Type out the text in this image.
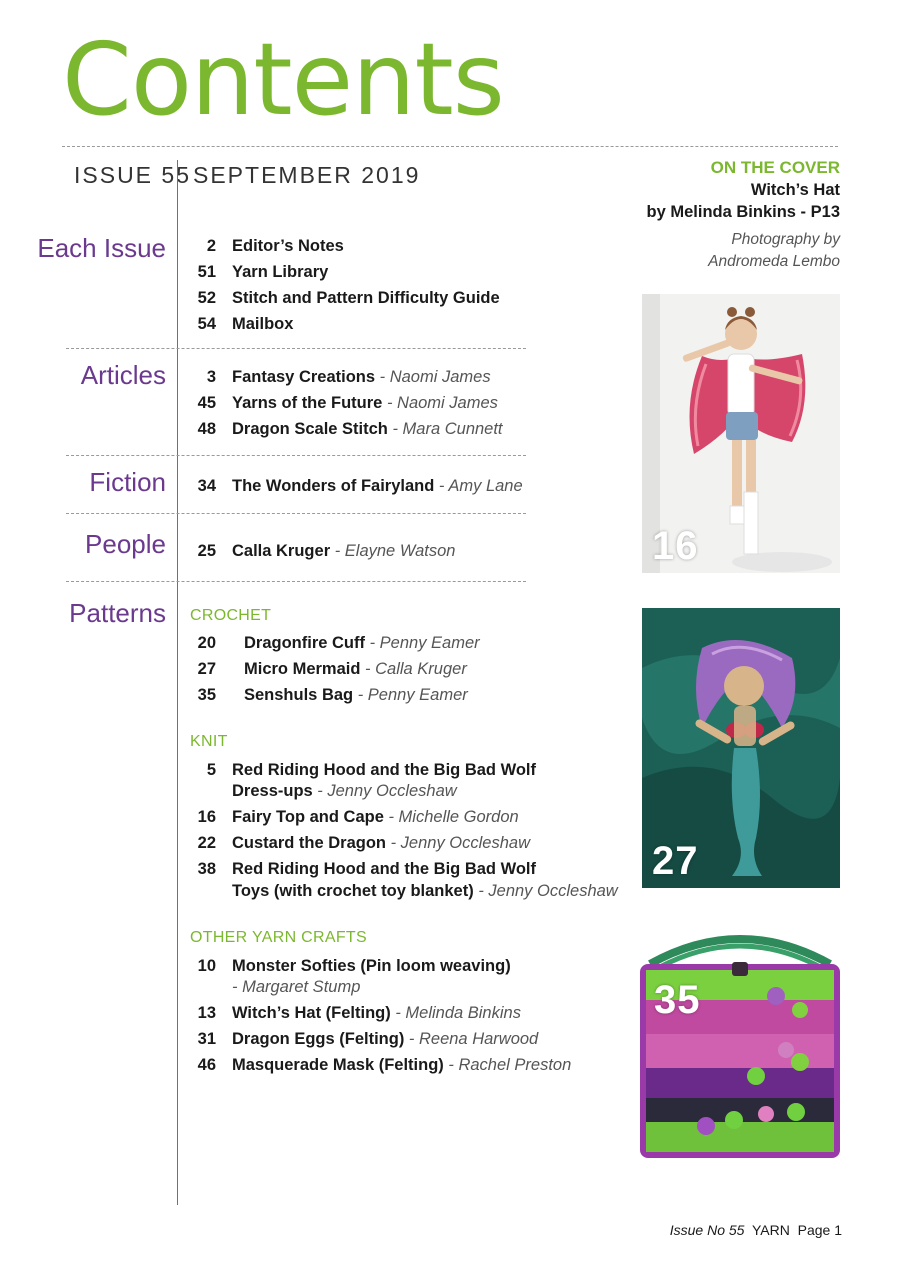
Contents
ISSUE 55 SEPTEMBER 2019
Each Issue	2 Editor’s Notes
51 Yarn Library
52 Stitch and Pattern Difficulty Guide
54 Mailbox
Articles	3 Fantasy Creations - Naomi James
45 Yarns of the Future - Naomi James
48 Dragon Scale Stitch - Mara Cunnett
Fiction	34 The Wonders of Fairyland - Amy Lane
People	25 Calla Kruger - Elayne Watson
Patterns CROCHET
20 Dragonfire Cuff - Penny Eamer
27 Micro Mermaid - Calla Kruger
35 Senshuls Bag - Penny Eamer
KNIT
5 Red Riding Hood and the Big Bad Wolf
Dress-ups - Jenny Occleshaw
16 Fairy Top and Cape - Michelle Gordon
22 Custard the Dragon - Jenny Occleshaw
38 Red Riding Hood and the Big Bad Wolf
Toys (with crochet toy blanket) - Jenny Occleshaw
OTHER YARN CRAFTS
10 Monster Softies (Pin loom weaving)
- Margaret Stump
13 Witch’s Hat (Felting) - Melinda Binkins
31 Dragon Eggs (Felting) - Reena Harwood
46 Masquerade Mask (Felting) - Rachel Preston
ON THE COVER
Witch’s Hat
by Melinda Binkins - P13
Photography by
Andromeda Lembo
16
27
35
Issue No 55 YARN Page 1
